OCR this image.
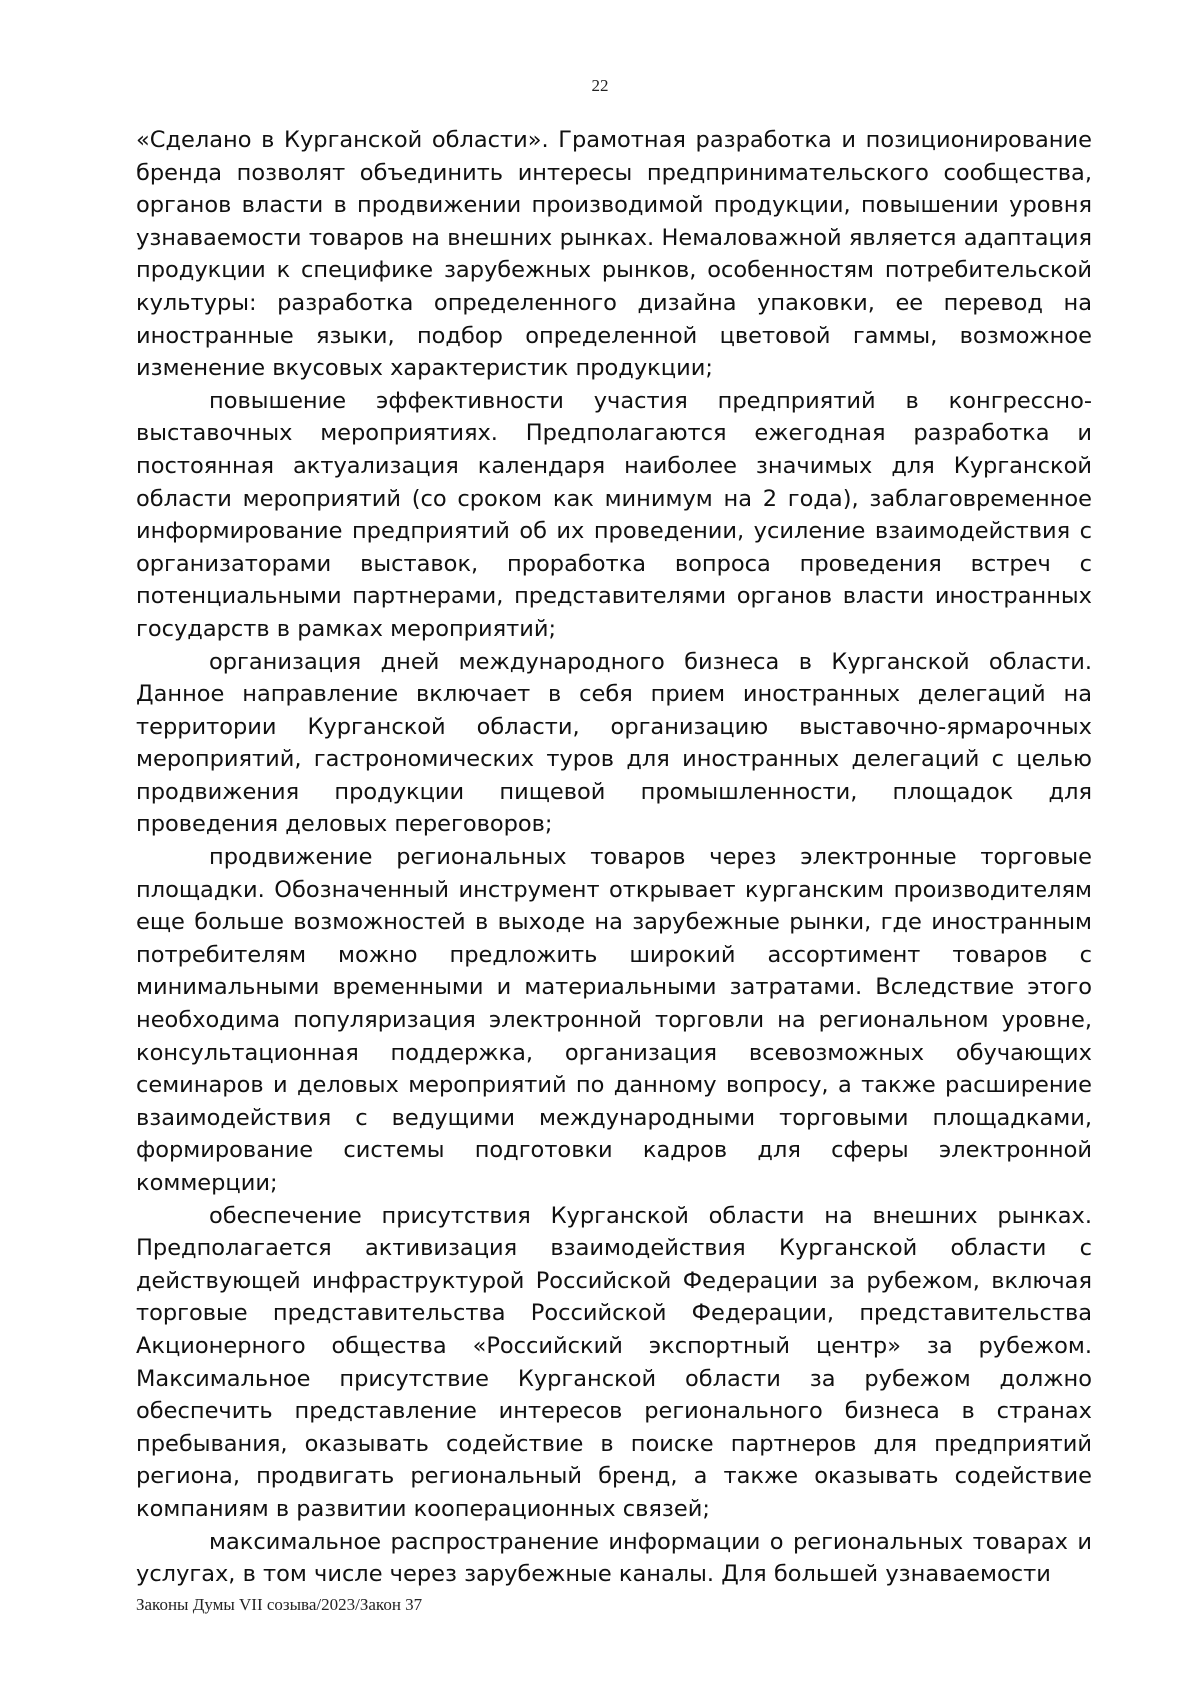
22

«Сделано в Курганской области». Грамотная разработка и позиционирование бренда позволят объединить интересы предпринимательского сообщества, органов власти в продвижении производимой продукции, повышении уровня узнаваемости товаров на внешних рынках. Немаловажной является адаптация продукции к специфике зарубежных рынков, особенностям потребительской культуры: разработка определенного дизайна упаковки, ее перевод на иностранные языки, подбор определенной цветовой гаммы, возможное изменение вкусовых характеристик продукции;

повышение эффективности участия предприятий в конгрессно-выставочных мероприятиях. Предполагаются ежегодная разработка и постоянная актуализация календаря наиболее значимых для Курганской области мероприятий (со сроком как минимум на 2 года), заблаговременное информирование предприятий об их проведении, усиление взаимодействия с организаторами выставок, проработка вопроса проведения встреч с потенциальными партнерами, представителями органов власти иностранных государств в рамках мероприятий;

организация дней международного бизнеса в Курганской области. Данное направление включает в себя прием иностранных делегаций на территории Курганской области, организацию выставочно-ярмарочных мероприятий, гастрономических туров для иностранных делегаций с целью продвижения продукции пищевой промышленности, площадок для проведения деловых переговоров;

продвижение региональных товаров через электронные торговые площадки. Обозначенный инструмент открывает курганским производителям еще больше возможностей в выходе на зарубежные рынки, где иностранным потребителям можно предложить широкий ассортимент товаров с минимальными временными и материальными затратами. Вследствие этого необходима популяризация электронной торговли на региональном уровне, консультационная поддержка, организация всевозможных обучающих семинаров и деловых мероприятий по данному вопросу, а также расширение взаимодействия с ведущими международными торговыми площадками, формирование системы подготовки кадров для сферы электронной коммерции;

обеспечение присутствия Курганской области на внешних рынках. Предполагается активизация взаимодействия Курганской области с действующей инфраструктурой Российской Федерации за рубежом, включая торговые представительства Российской Федерации, представительства Акционерного общества «Российский экспортный центр» за рубежом. Максимальное присутствие Курганской области за рубежом должно обеспечить представление интересов регионального бизнеса в странах пребывания, оказывать содействие в поиске партнеров для предприятий региона, продвигать региональный бренд, а также оказывать содействие компаниям в развитии кооперационных связей;

максимальное распространение информации о региональных товарах и услугах, в том числе через зарубежные каналы. Для большей узнаваемости

Законы Думы VII созыва/2023/Закон 37
